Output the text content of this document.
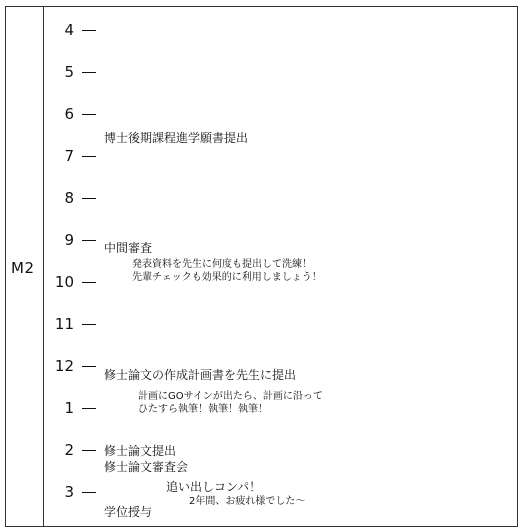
M2
4
5
6
7
8
9
10
11
12
1
2
3
博士後期課程進学願書提出
中間審査
発表資料を先生に何度も提出して洗練！
先輩チェックも効果的に利用しましょう！
修士論文の作成計画書を先生に提出
計画にGOサインが出たら、計画に沿って
ひたすら執筆！執筆！執筆！
修士論文提出
修士論文審査会
追い出しコンパ！
2年間、お疲れ様でした～
学位授与
